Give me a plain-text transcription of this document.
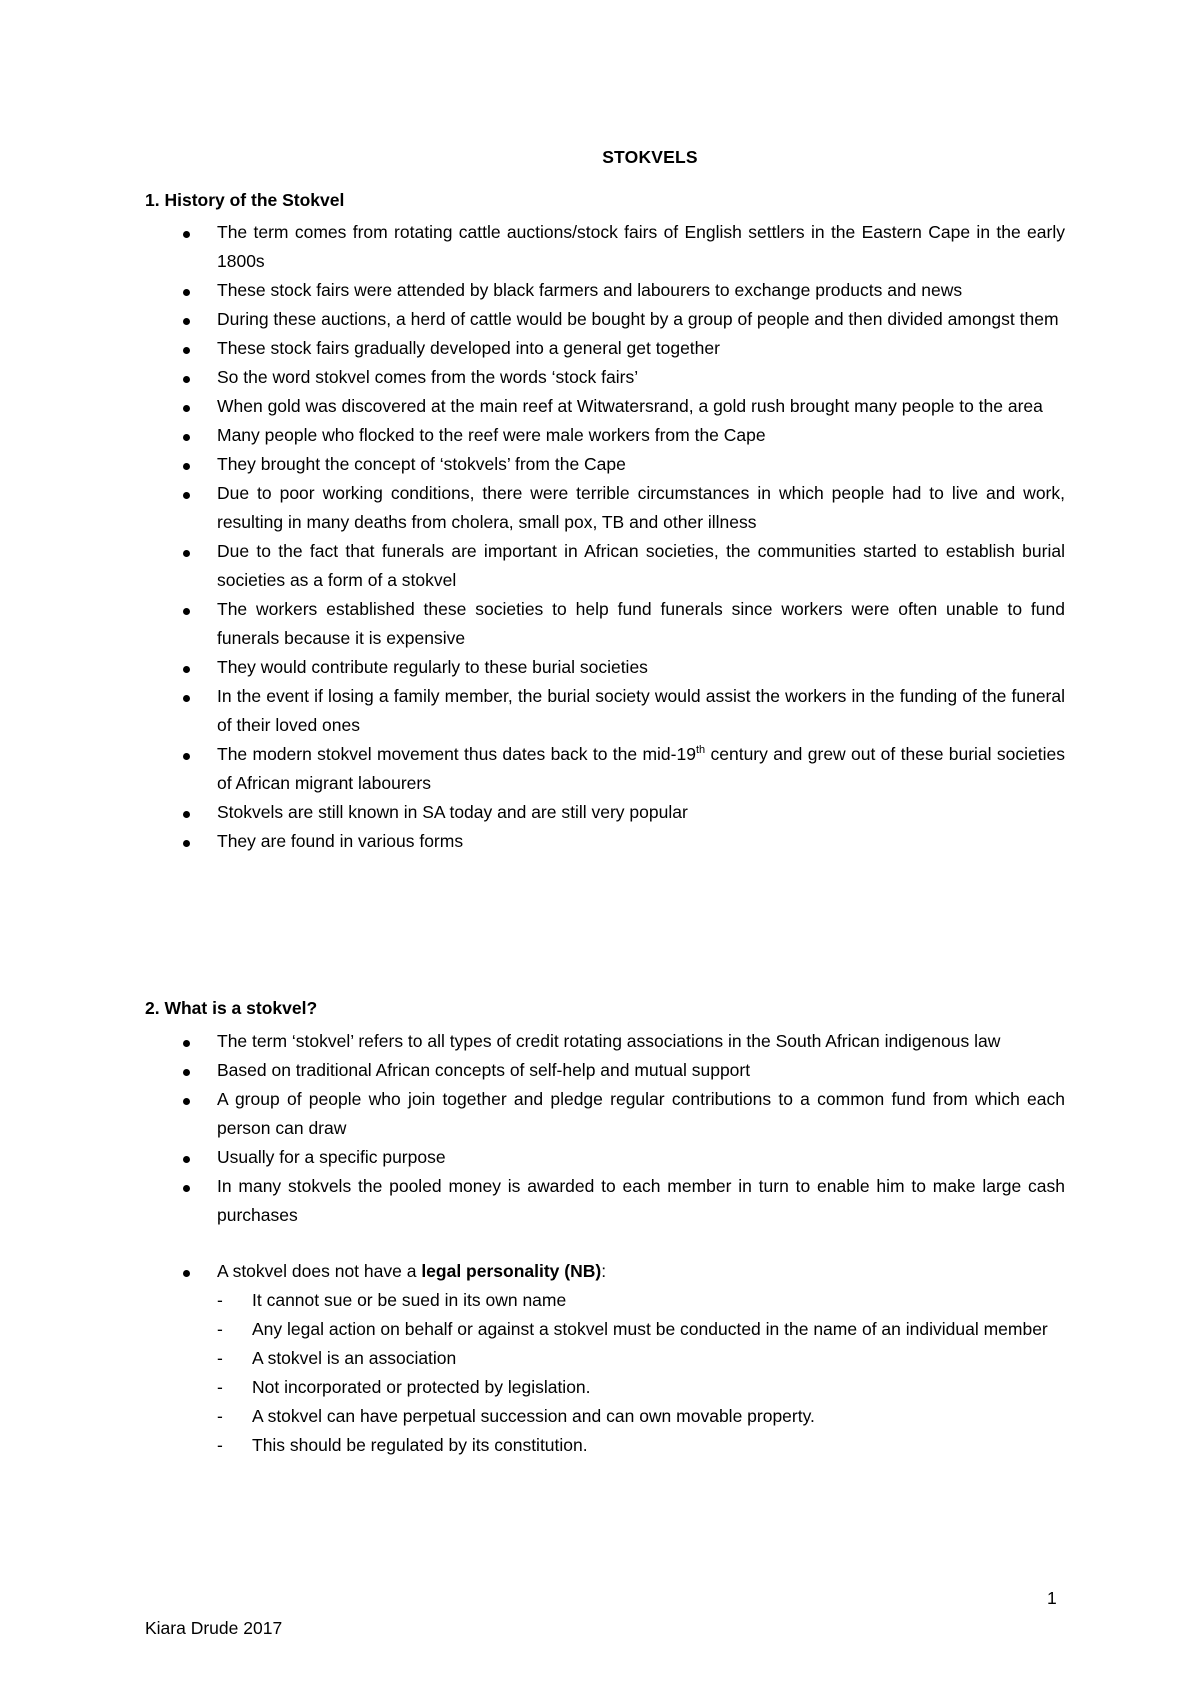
STOKVELS
1. History of the Stokvel
The term comes from rotating cattle auctions/stock fairs of English settlers in the Eastern Cape in the early 1800s
These stock fairs were attended by black farmers and labourers to exchange products and news
During these auctions, a herd of cattle would be bought by a group of people and then divided amongst them
These stock fairs gradually developed into a general get together
So the word stokvel comes from the words ‘stock fairs’
When gold was discovered at the main reef at Witwatersrand, a gold rush brought many people to the area
Many people who flocked to the reef were male workers from the Cape
They brought the concept of ‘stokvels’ from the Cape
Due to poor working conditions, there were terrible circumstances in which people had to live and work, resulting in many deaths from cholera, small pox, TB and other illness
Due to the fact that funerals are important in African societies, the communities started to establish burial societies as a form of a stokvel
The workers established these societies to help fund funerals since workers were often unable to fund funerals because it is expensive
They would contribute regularly to these burial societies
In the event if losing a family member, the burial society would assist the workers in the funding of the funeral of their loved ones
The modern stokvel movement thus dates back to the mid-19th century and grew out of these burial societies of African migrant labourers
Stokvels are still known in SA today and are still very popular
They are found in various forms
2. What is a stokvel?
The term ‘stokvel’ refers to all types of credit rotating associations in the South African indigenous law
Based on traditional African concepts of self-help and mutual support
A group of people who join together and pledge regular contributions to a common fund from which each person can draw
Usually for a specific purpose
In many stokvels the pooled money is awarded to each member in turn to enable him to make large cash purchases
A stokvel does not have a legal personality (NB):
- It cannot sue or be sued in its own name
- Any legal action on behalf or against a stokvel must be conducted in the name of an individual member
- A stokvel is an association
- Not incorporated or protected by legislation.
- A stokvel can have perpetual succession and can own movable property.
- This should be regulated by its constitution.
1
Kiara Drude 2017
